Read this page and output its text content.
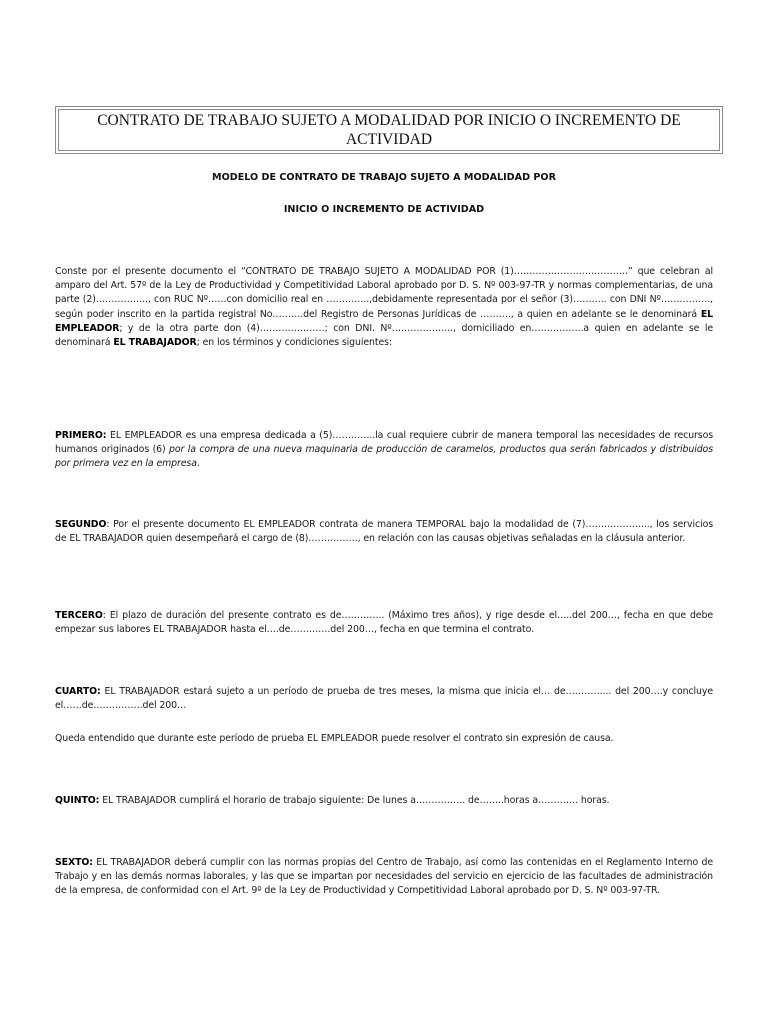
CONTRATO DE TRABAJO SUJETO A MODALIDAD POR INICIO O INCREMENTO DE ACTIVIDAD
MODELO DE CONTRATO DE TRABAJO SUJETO A MODALIDAD POR
INICIO O INCREMENTO DE ACTIVIDAD
Conste por el presente documento el “CONTRATO DE TRABAJO SUJETO A MODALIDAD POR (1)……………………………….” que celebran al amparo del Art. 57º de la Ley de Productividad y Competitividad Laboral aprobado por D. S. Nº 003-97-TR y normas complementarias, de una parte (2)…………….., con RUC Nº……con domicilio real en …………..,debidamente representada por el señor (3)……….. con DNI Nº……………., según poder inscrito en la partida registral No……….del Registro de Personas Jurídicas de ………., a quien en adelante se le denominará EL EMPLEADOR; y de la otra parte don (4)…………………; con DNI. Nº……………….., domiciliado en……………..a quien en adelante se le denominará EL TRABAJADOR; en los términos y condiciones siguientes:
PRIMERO: EL EMPLEADOR es una empresa dedicada a (5)…………..la cual requiere cubrir de manera temporal las necesidades de recursos humanos originados (6) por la compra de una nueva maquinaria de producción de caramelos, productos qua serán fabricados y distribuidos por primera vez en la empresa.
SEGUNDO: Por el presente documento EL EMPLEADOR contrata de manera TEMPORAL bajo la modalidad de (7)………………..., los servicios de EL TRABAJADOR quien desempeñará el cargo de (8)……………., en relación con las causas objetivas señaladas en la cláusula anterior.
TERCERO: El plazo de duración del presente contrato es de………….. (Máximo tres años), y rige desde el…..del 200…, fecha en que debe empezar sus labores EL TRABAJADOR hasta el….de………….del 200…, fecha en que termina el contrato.
CUARTO: EL TRABAJADOR estará sujeto a un período de prueba de tres meses, la misma que inicia el… de…………... del 200….y concluye el……de…………….del 200…
Queda entendido que durante este período de prueba EL EMPLEADOR puede resolver el contrato sin expresión de causa.
QUINTO: EL TRABAJADOR cumplirá el horario de trabajo siguiente: De lunes a……………. de……..horas a…………. horas.
SEXTO: EL TRABAJADOR deberá cumplir con las normas propias del Centro de Trabajo, así como las contenidas en el Reglamento Interno de Trabajo y en las demás normas laborales, y las que se impartan por necesidades del servicio en ejercicio de las facultades de administración de la empresa, de conformidad con el Art. 9º de la Ley de Productividad y Competitividad Laboral aprobado por D. S. Nº 003-97-TR.
